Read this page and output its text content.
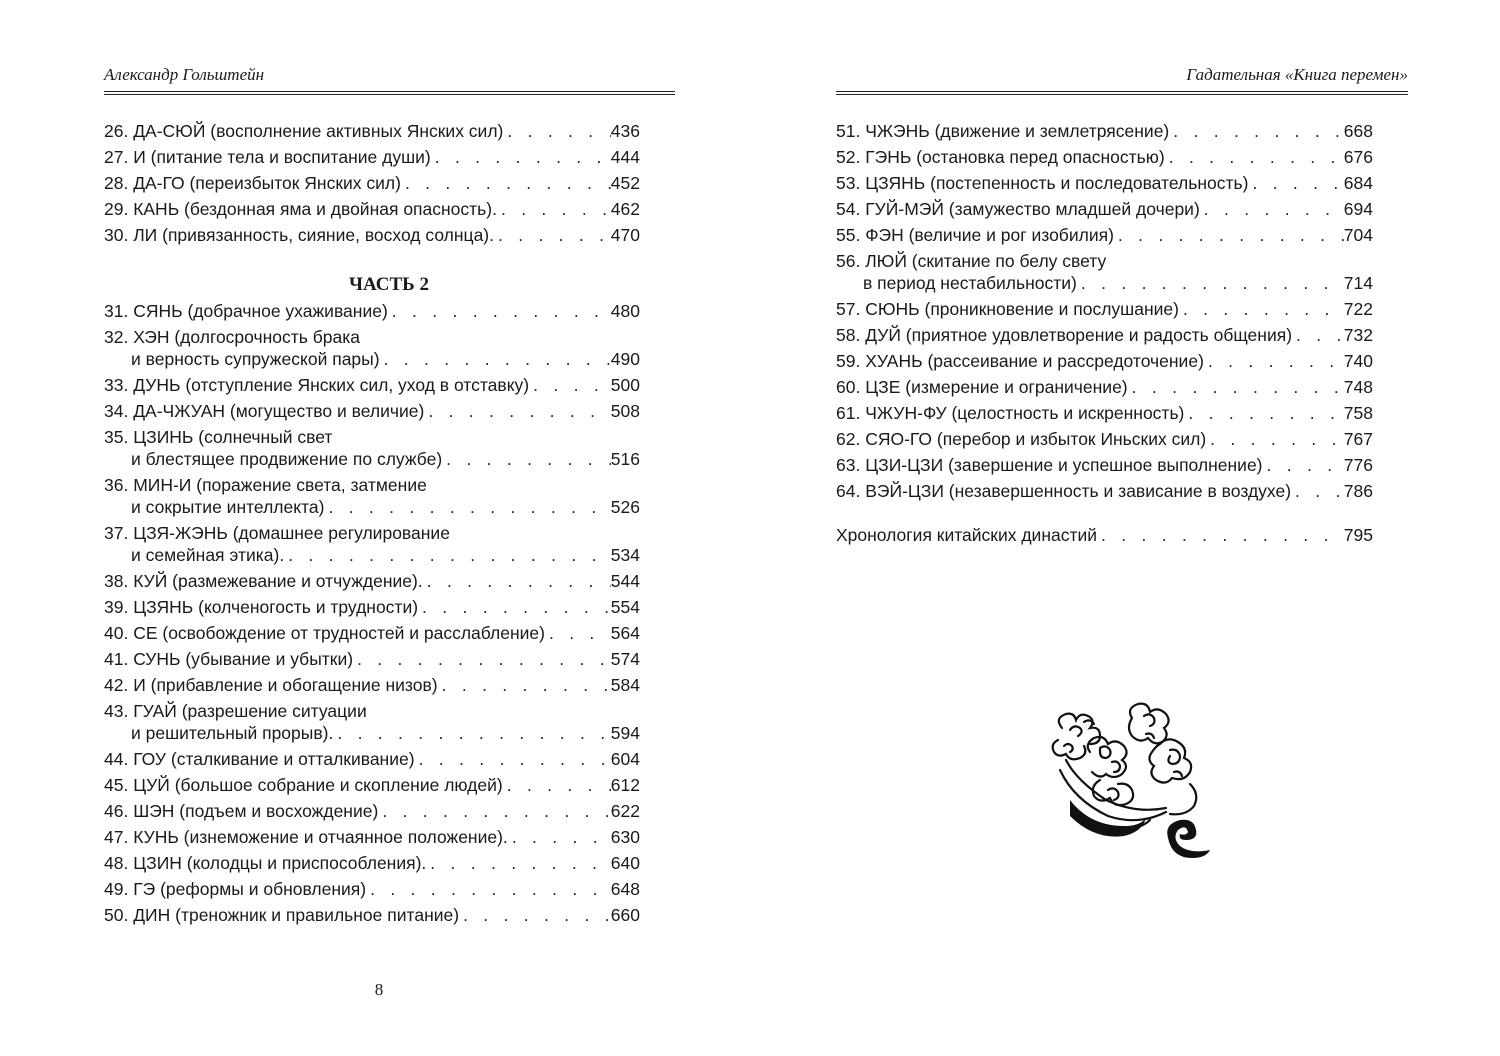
Александр Гольштейн
26. ДА-СЮЙ (восполнение активных Янских сил) . . .	436
27. И (питание тела и воспитание души) . . .	444
28. ДА-ГО (переизбыток Янских сил) . . .	452
29. КАНЬ (бездонная яма и двойная опасность). . . .	462
30. ЛИ (привязанность, сияние, восход солнца). . . .	470
ЧАСТЬ 2
31. СЯНЬ (добрачное ухаживание) . . .	480
32. ХЭН (долгосрочность брака
и верность супружеской пары) . . .	490
33. ДУНЬ (отступление Янских сил, уход в отставку) . . .	500
34. ДА-ЧЖУАН (могущество и величие) . . .	508
35. ЦЗИНЬ (солнечный свет
и блестящее продвижение по службе) . . .	516
36. МИН-И (поражение света, затмение
и сокрытие интеллекта) . . .	526
37. ЦЗЯ-ЖЭНЬ (домашнее регулирование
и семейная этика). . . .	534
38. КУЙ (размежевание и отчуждение). . . .	544
39. ЦЗЯНЬ (колченогость и трудности) . . .	554
40. СЕ (освобождение от трудностей и расслабление) . . .	564
41. СУНЬ (убывание и убытки) . . .	574
42. И (прибавление и обогащение низов) . . .	584
43. ГУАЙ (разрешение ситуации
и решительный прорыв). . . .	594
44. ГОУ (сталкивание и отталкивание) . . .	604
45. ЦУЙ (большое собрание и скопление людей) . . .	612
46. ШЭН (подъем и восхождение) . . .	622
47. КУНЬ (изнеможение и отчаянное положение). . . .	630
48. ЦЗИН (колодцы и приспособления). . . .	640
49. ГЭ (реформы и обновления) . . .	648
50. ДИН (треножник и правильное питание) . . .	660
8
Гадательная «Книга перемен»
51. ЧЖЭНЬ (движение и землетрясение) . . .	668
52. ГЭНЬ (остановка перед опасностью) . . .	676
53. ЦЗЯНЬ (постепенность и последовательность) . . .	684
54. ГУЙ-МЭЙ (замужество младшей дочери) . . .	694
55. ФЭН (величие и рог изобилия) . . .	704
56. ЛЮЙ (скитание по белу свету
в период нестабильности) . . .	714
57. СЮНЬ (проникновение и послушание) . . .	722
58. ДУЙ (приятное удовлетворение и радость общения) . . .	732
59. ХУАНЬ (рассеивание и рассредоточение) . . .	740
60. ЦЗЕ (измерение и ограничение) . . .	748
61. ЧЖУН-ФУ (целостность и искренность) . . .	758
62. СЯО-ГО (перебор и избыток Иньских сил) . . .	767
63. ЦЗИ-ЦЗИ (завершение и успешное выполнение) . . .	776
64. ВЭЙ-ЦЗИ (незавершенность и зависание в воздухе) . . .	786
Хронология китайских династий . . .	795
